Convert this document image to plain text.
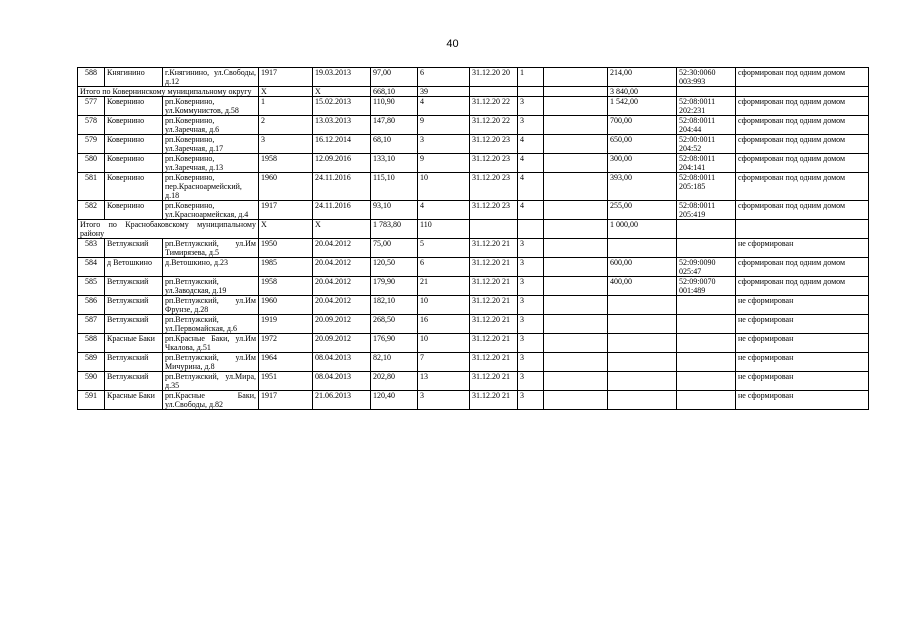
40
588	Княгинино	г.Княгинино, ул.Свободы, д.12	1917	19.03.2013	97,00	6	31.12.20 20	1		214,00	52:30:0060 003:993	сформирован под одним домом
Итого по Ковернинскому муниципальному округу			Х	Х	668,10	39				3 840,00		
577	Ковернино	рп.Ковернино, ул.Коммунистов, д.58	1	15.02.2013	110,90	4	31.12.20 22	3		1 542,00	52:08:0011 202:231	сформирован под одним домом
578	Ковернино	рп.Ковернино, ул.Заречная, д.6	2	13.03.2013	147,80	9	31.12.20 22	3		700,00	52:08:0011 204:44	сформирован под одним домом
579	Ковернино	рп.Ковернино, ул.Заречная, д.17	3	16.12.2014	68,10	3	31.12.20 23	4		650,00	52:00:0011 204:52	сформирован под одним домом
580	Ковернино	рп.Ковернино, ул.Заречная, д.13	1958	12.09.2016	133,10	9	31.12.20 23	4		300,00	52:08:0011 204:141	сформирован под одним домом
581	Ковернино	рп.Ковернино, пер.Красноармейский, д.18	1960	24.11.2016	115,10	10	31.12.20 23	4		393,00	52:08:0011 205:185	сформирован под одним домом
582	Ковернино	рп.Ковернино, ул.Красноармейская, д.4	1917	24.11.2016	93,10	4	31.12.20 23	4		255,00	52:08:0011 205:419	сформирован под одним домом
Итого по Краснобаковскому муниципальному району			Х	Х	1 783,80	110				1 000,00		
583	Ветлужский	рп.Ветлужский, ул.Им Тимирязева, д.5	1950	20.04.2012	75,00	5	31.12.20 21	3				не сформирован
584	д Ветошкино	д.Ветошкино, д.23	1985	20.04.2012	120,50	6	31.12.20 21	3		600,00	52:09:0090 025:47	сформирован под одним домом
585	Ветлужский	рп.Ветлужский, ул.Заводская, д.19	1958	20.04.2012	179,90	21	31.12.20 21	3		400,00	52:09:0070 001:489	сформирован под одним домом
586	Ветлужский	рп.Ветлужский, ул.Им Фрунзе, д.28	1960	20.04.2012	182,10	10	31.12.20 21	3				не сформирован
587	Ветлужский	рп.Ветлужский, ул.Первомайская, д.6	1919	20.09.2012	268,50	16	31.12.20 21	3				не сформирован
588	Красные Баки	рп.Красные Баки, ул.Им Чкалова, д.51	1972	20.09.2012	176,90	10	31.12.20 21	3				не сформирован
589	Ветлужский	рп.Ветлужский, ул.Им Мичурина, д.8	1964	08.04.2013	82,10	7	31.12.20 21	3				не сформирован
590	Ветлужский	рп.Ветлужский, ул.Мира, д.35	1951	08.04.2013	202,80	13	31.12.20 21	3				не сформирован
591	Красные Баки	рп.Красные Баки, ул.Свободы, д.82	1917	21.06.2013	120,40	3	31.12.20 21	3				не сформирован
